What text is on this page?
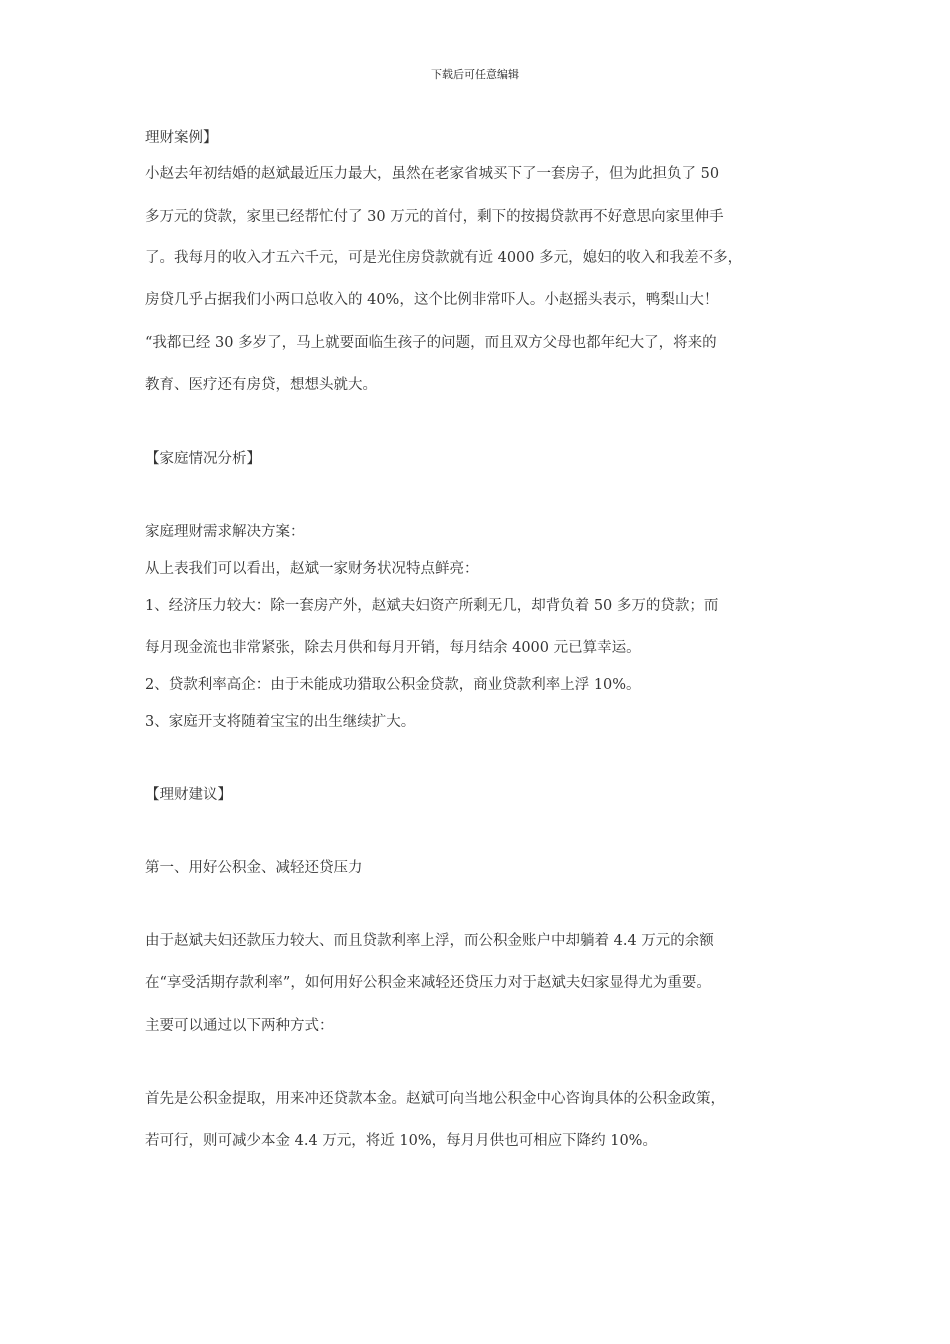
下载后可任意编辑
理财案例】
小赵去年初结婚的赵斌最近压力最大，虽然在老家省城买下了一套房子，但为此担负了 50
多万元的贷款，家里已经帮忙付了 30 万元的首付，剩下的按揭贷款再不好意思向家里伸手
了。我每月的收入才五六千元，可是光住房贷款就有近 4000 多元，媳妇的收入和我差不多，
房贷几乎占据我们小两口总收入的 40%，这个比例非常吓人。小赵摇头表示，鸭梨山大！
“我都已经 30 多岁了，马上就要面临生孩子的问题，而且双方父母也都年纪大了，将来的
教育、医疗还有房贷，想想头就大。
【家庭情况分析】
家庭理财需求解决方案：
从上表我们可以看出，赵斌一家财务状况特点鲜亮：
1、经济压力较大：除一套房产外，赵斌夫妇资产所剩无几，却背负着 50 多万的贷款；而
每月现金流也非常紧张，除去月供和每月开销，每月结余 4000 元已算幸运。
2、贷款利率高企：由于未能成功猎取公积金贷款，商业贷款利率上浮 10%。
3、家庭开支将随着宝宝的出生继续扩大。
【理财建议】
第一、用好公积金、减轻还贷压力
由于赵斌夫妇还款压力较大、而且贷款利率上浮，而公积金账户中却躺着 4.4 万元的余额
在“享受活期存款利率”，如何用好公积金来减轻还贷压力对于赵斌夫妇家显得尤为重要。
主要可以通过以下两种方式：
首先是公积金提取，用来冲还贷款本金。赵斌可向当地公积金中心咨询具体的公积金政策，
若可行，则可减少本金 4.4 万元，将近 10%，每月月供也可相应下降约 10%。
